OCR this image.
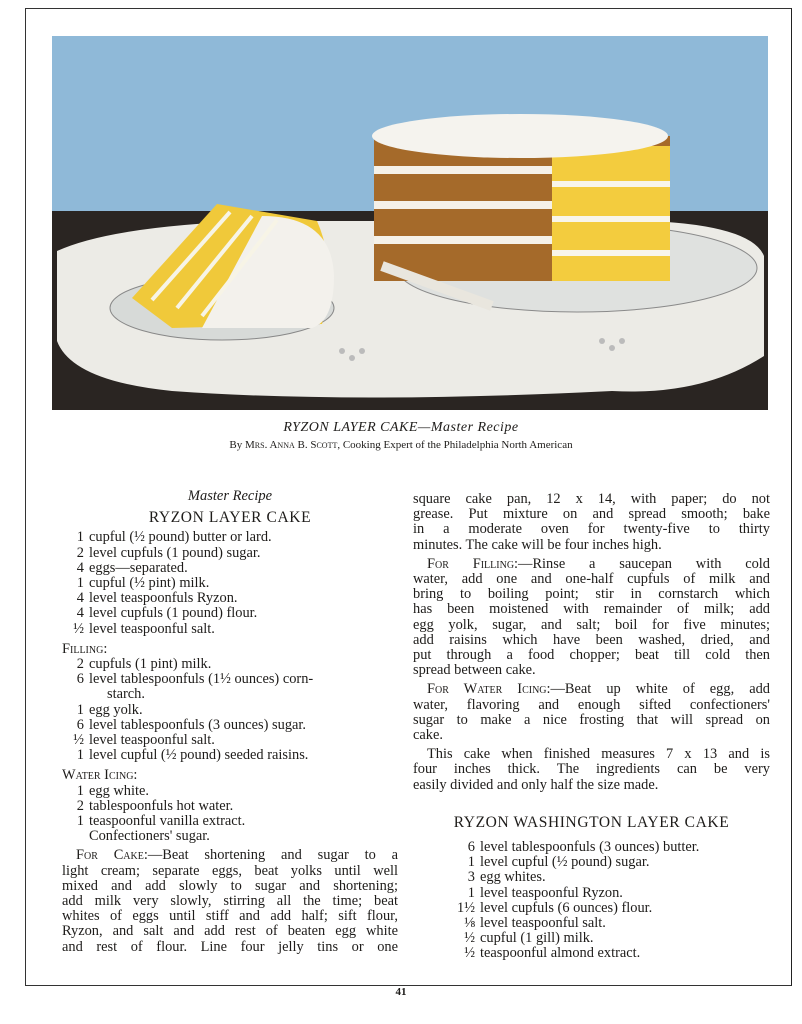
RYZON LAYER CAKE—Master Recipe
By Mrs. Anna B. Scott, Cooking Expert of the Philadelphia North American
Master Recipe
RYZON LAYER CAKE
1 cupful (½ pound) butter or lard.
2 level cupfuls (1 pound) sugar.
4 eggs—separated.
1 cupful (½ pint) milk.
4 level teaspoonfuls Ryzon.
4 level cupfuls (1 pound) flour.
½ level teaspoonful salt.
Filling:
2 cupfuls (1 pint) milk.
6 level tablespoonfuls (1½ ounces) corn-
starch.
1 egg yolk.
6 level tablespoonfuls (3 ounces) sugar.
½ level teaspoonful salt.
1 level cupful (½ pound) seeded raisins.
Water Icing:
1 egg white.
2 tablespoonfuls hot water.
1 teaspoonful vanilla extract.
Confectioners' sugar.
For Cake:—Beat shortening and sugar to a
light cream; separate eggs, beat yolks until well
mixed and add slowly to sugar and shortening;
add milk very slowly, stirring all the time; beat
whites of eggs until stiff and add half; sift flour,
Ryzon, and salt and add rest of beaten egg white
and rest of flour. Line four jelly tins or one
square cake pan, 12 x 14, with paper; do not
grease. Put mixture on and spread smooth; bake
in a moderate oven for twenty-five to thirty
minutes. The cake will be four inches high.
For Filling:—Rinse a saucepan with cold
water, add one and one-half cupfuls of milk and
bring to boiling point; stir in cornstarch which
has been moistened with remainder of milk; add
egg yolk, sugar, and salt; boil for five minutes;
add raisins which have been washed, dried, and
put through a food chopper; beat till cold then
spread between cake.
For Water Icing:—Beat up white of egg, add
water, flavoring and enough sifted confectioners'
sugar to make a nice frosting that will spread on
cake.
This cake when finished measures 7 x 13 and is
four inches thick. The ingredients can be very
easily divided and only half the size made.
RYZON WASHINGTON LAYER CAKE
6 level tablespoonfuls (3 ounces) butter.
1 level cupful (½ pound) sugar.
3 egg whites.
1 level teaspoonful Ryzon.
1½ level cupfuls (6 ounces) flour.
⅛ level teaspoonful salt.
½ cupful (1 gill) milk.
½ teaspoonful almond extract.
41
